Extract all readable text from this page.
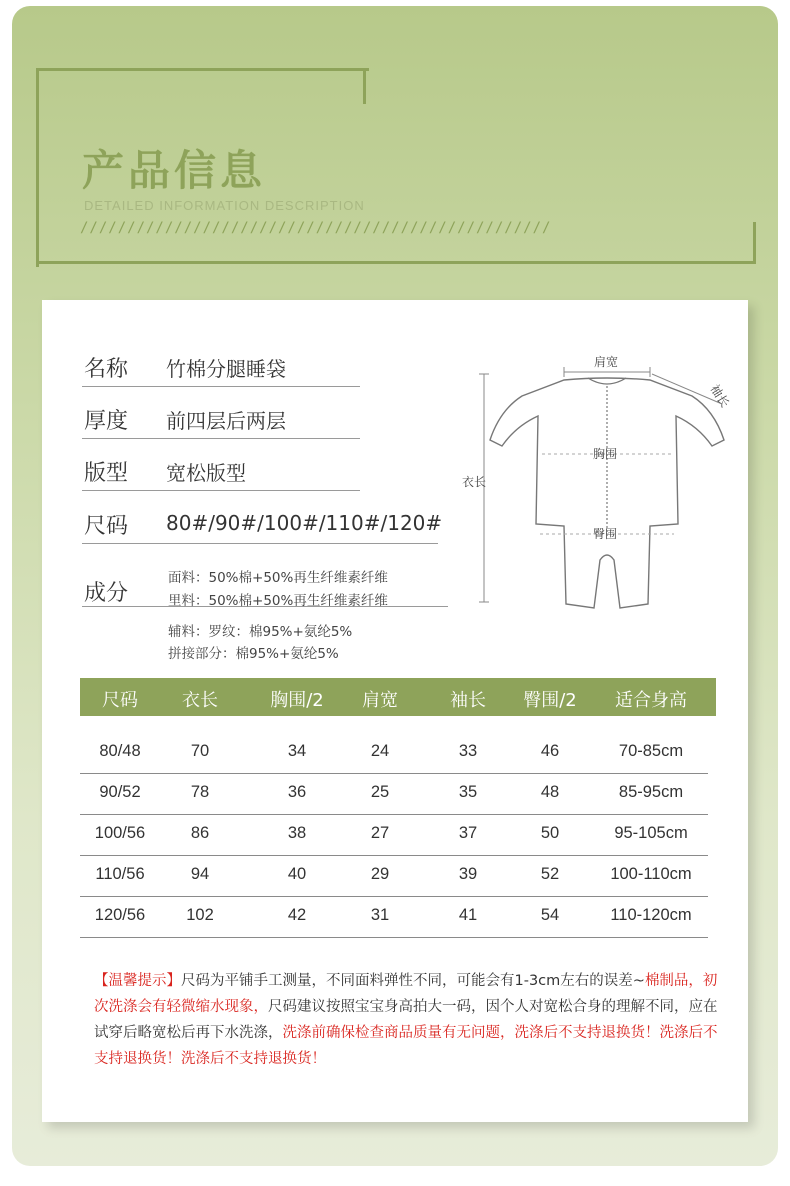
产品信息
DETAILED INFORMATION DESCRIPTION
//////////////////////////////////////////////////
名称 竹棉分腿睡袋
厚度 前四层后两层
版型 宽松版型
尺码 80#/90#/100#/110#/120#
成分
面料：50%棉+50%再生纤维素纤维
里料：50%棉+50%再生纤维素纤维
辅料：罗纹：棉95%+氨纶5%
拼接部分：棉95%+氨纶5%
肩宽
袖长
胸围
衣长
臀围
尺码	衣长	胸围/2	肩宽	袖长	臀围/2	适合身高
80/48	70	34	24	33	46	70-85cm
90/52	78	36	25	35	48	85-95cm
100/56	86	38	27	37	50	95-105cm
110/56	94	40	29	39	52	100-110cm
120/56	102	42	31	41	54	110-120cm
【温馨提示】尺码为平铺手工测量，不同面料弹性不同，可能会有1-3cm左右的误差~棉制品，初次洗涤会有轻微缩水现象，尺码建议按照宝宝身高拍大一码，因个人对宽松合身的理解不同，应在试穿后略宽松后再下水洗涤，洗涤前确保检查商品质量有无问题，洗涤后不支持退换货！洗涤后不支持退换货！洗涤后不支持退换货！
